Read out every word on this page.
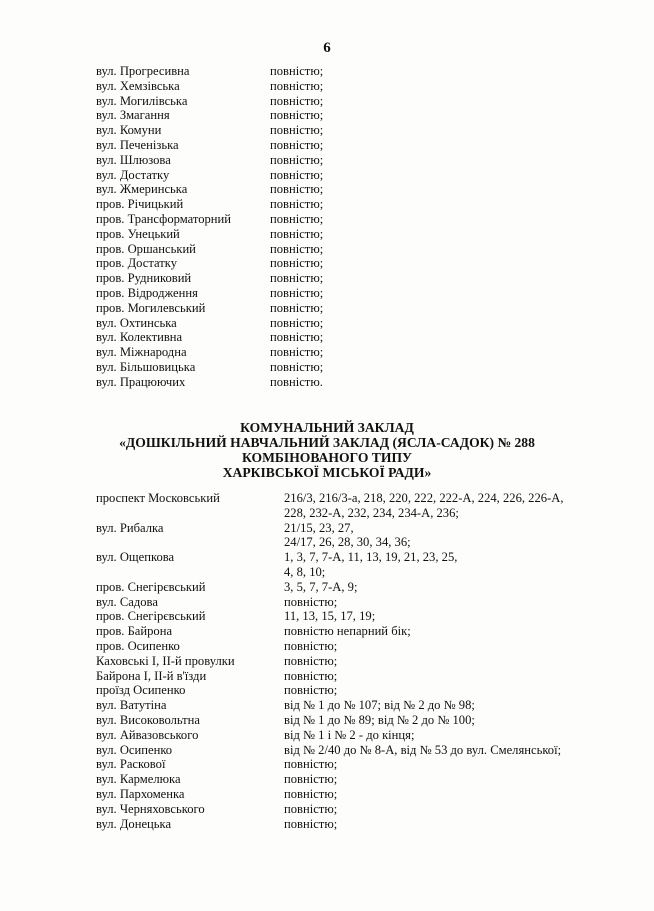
6
вул. Прогресивна	повністю;
вул. Хемзівська	повністю;
вул. Могилівська	повністю;
вул. Змагання	повністю;
вул. Комуни	повністю;
вул. Печенізька	повністю;
вул. Шлюзова	повністю;
вул. Достатку	повністю;
вул. Жмеринська	повністю;
пров. Річицький	повністю;
пров. Трансформаторний	повністю;
пров. Унецький	повністю;
пров. Оршанський	повністю;
пров. Достатку	повністю;
пров. Рудниковий	повністю;
пров. Відродження	повністю;
пров. Могилевський	повністю;
вул. Охтинська	повністю;
вул. Колективна	повністю;
вул. Міжнародна	повністю;
вул. Більшовицька	повністю;
вул. Працюючих	повністю.
КОМУНАЛЬНИЙ ЗАКЛАД
«ДОШКІЛЬНИЙ НАВЧАЛЬНИЙ ЗАКЛАД (ЯСЛА-САДОК) № 288
КОМБІНОВАНОГО ТИПУ
ХАРКІВСЬКОЇ МІСЬКОЇ РАДИ»
проспект Московський	216/3, 216/3-а, 218, 220, 222, 222-А, 224, 226, 226-А,
228, 232-А, 232, 234, 234-А, 236;
вул. Рибалка	21/15, 23, 27,
24/17, 26, 28, 30, 34, 36;
вул. Ощепкова	1, 3, 7, 7-А, 11, 13, 19, 21, 23, 25,
4, 8, 10;
пров. Снегірєвський	3, 5, 7, 7-А, 9;
вул. Садова	повністю;
пров. Снегірєвський	11, 13, 15, 17, 19;
пров. Байрона	повністю непарний бік;
пров. Осипенко	повністю;
Каховські І, ІІ-й провулки	повністю;
Байрона І, ІІ-й в'їзди	повністю;
проїзд Осипенко	повністю;
вул. Ватутіна	від № 1 до № 107; від № 2 до № 98;
вул. Високовольтна	від № 1 до № 89; від № 2 до № 100;
вул. Айвазовського	від № 1 і № 2 - до кінця;
вул. Осипенко	від № 2/40 до № 8-А, від № 53 до вул. Смелянської;
вул. Раскової	повністю;
вул. Кармелюка	повністю;
вул. Пархоменка	повністю;
вул. Черняховського	повністю;
вул. Донецька	повністю;
